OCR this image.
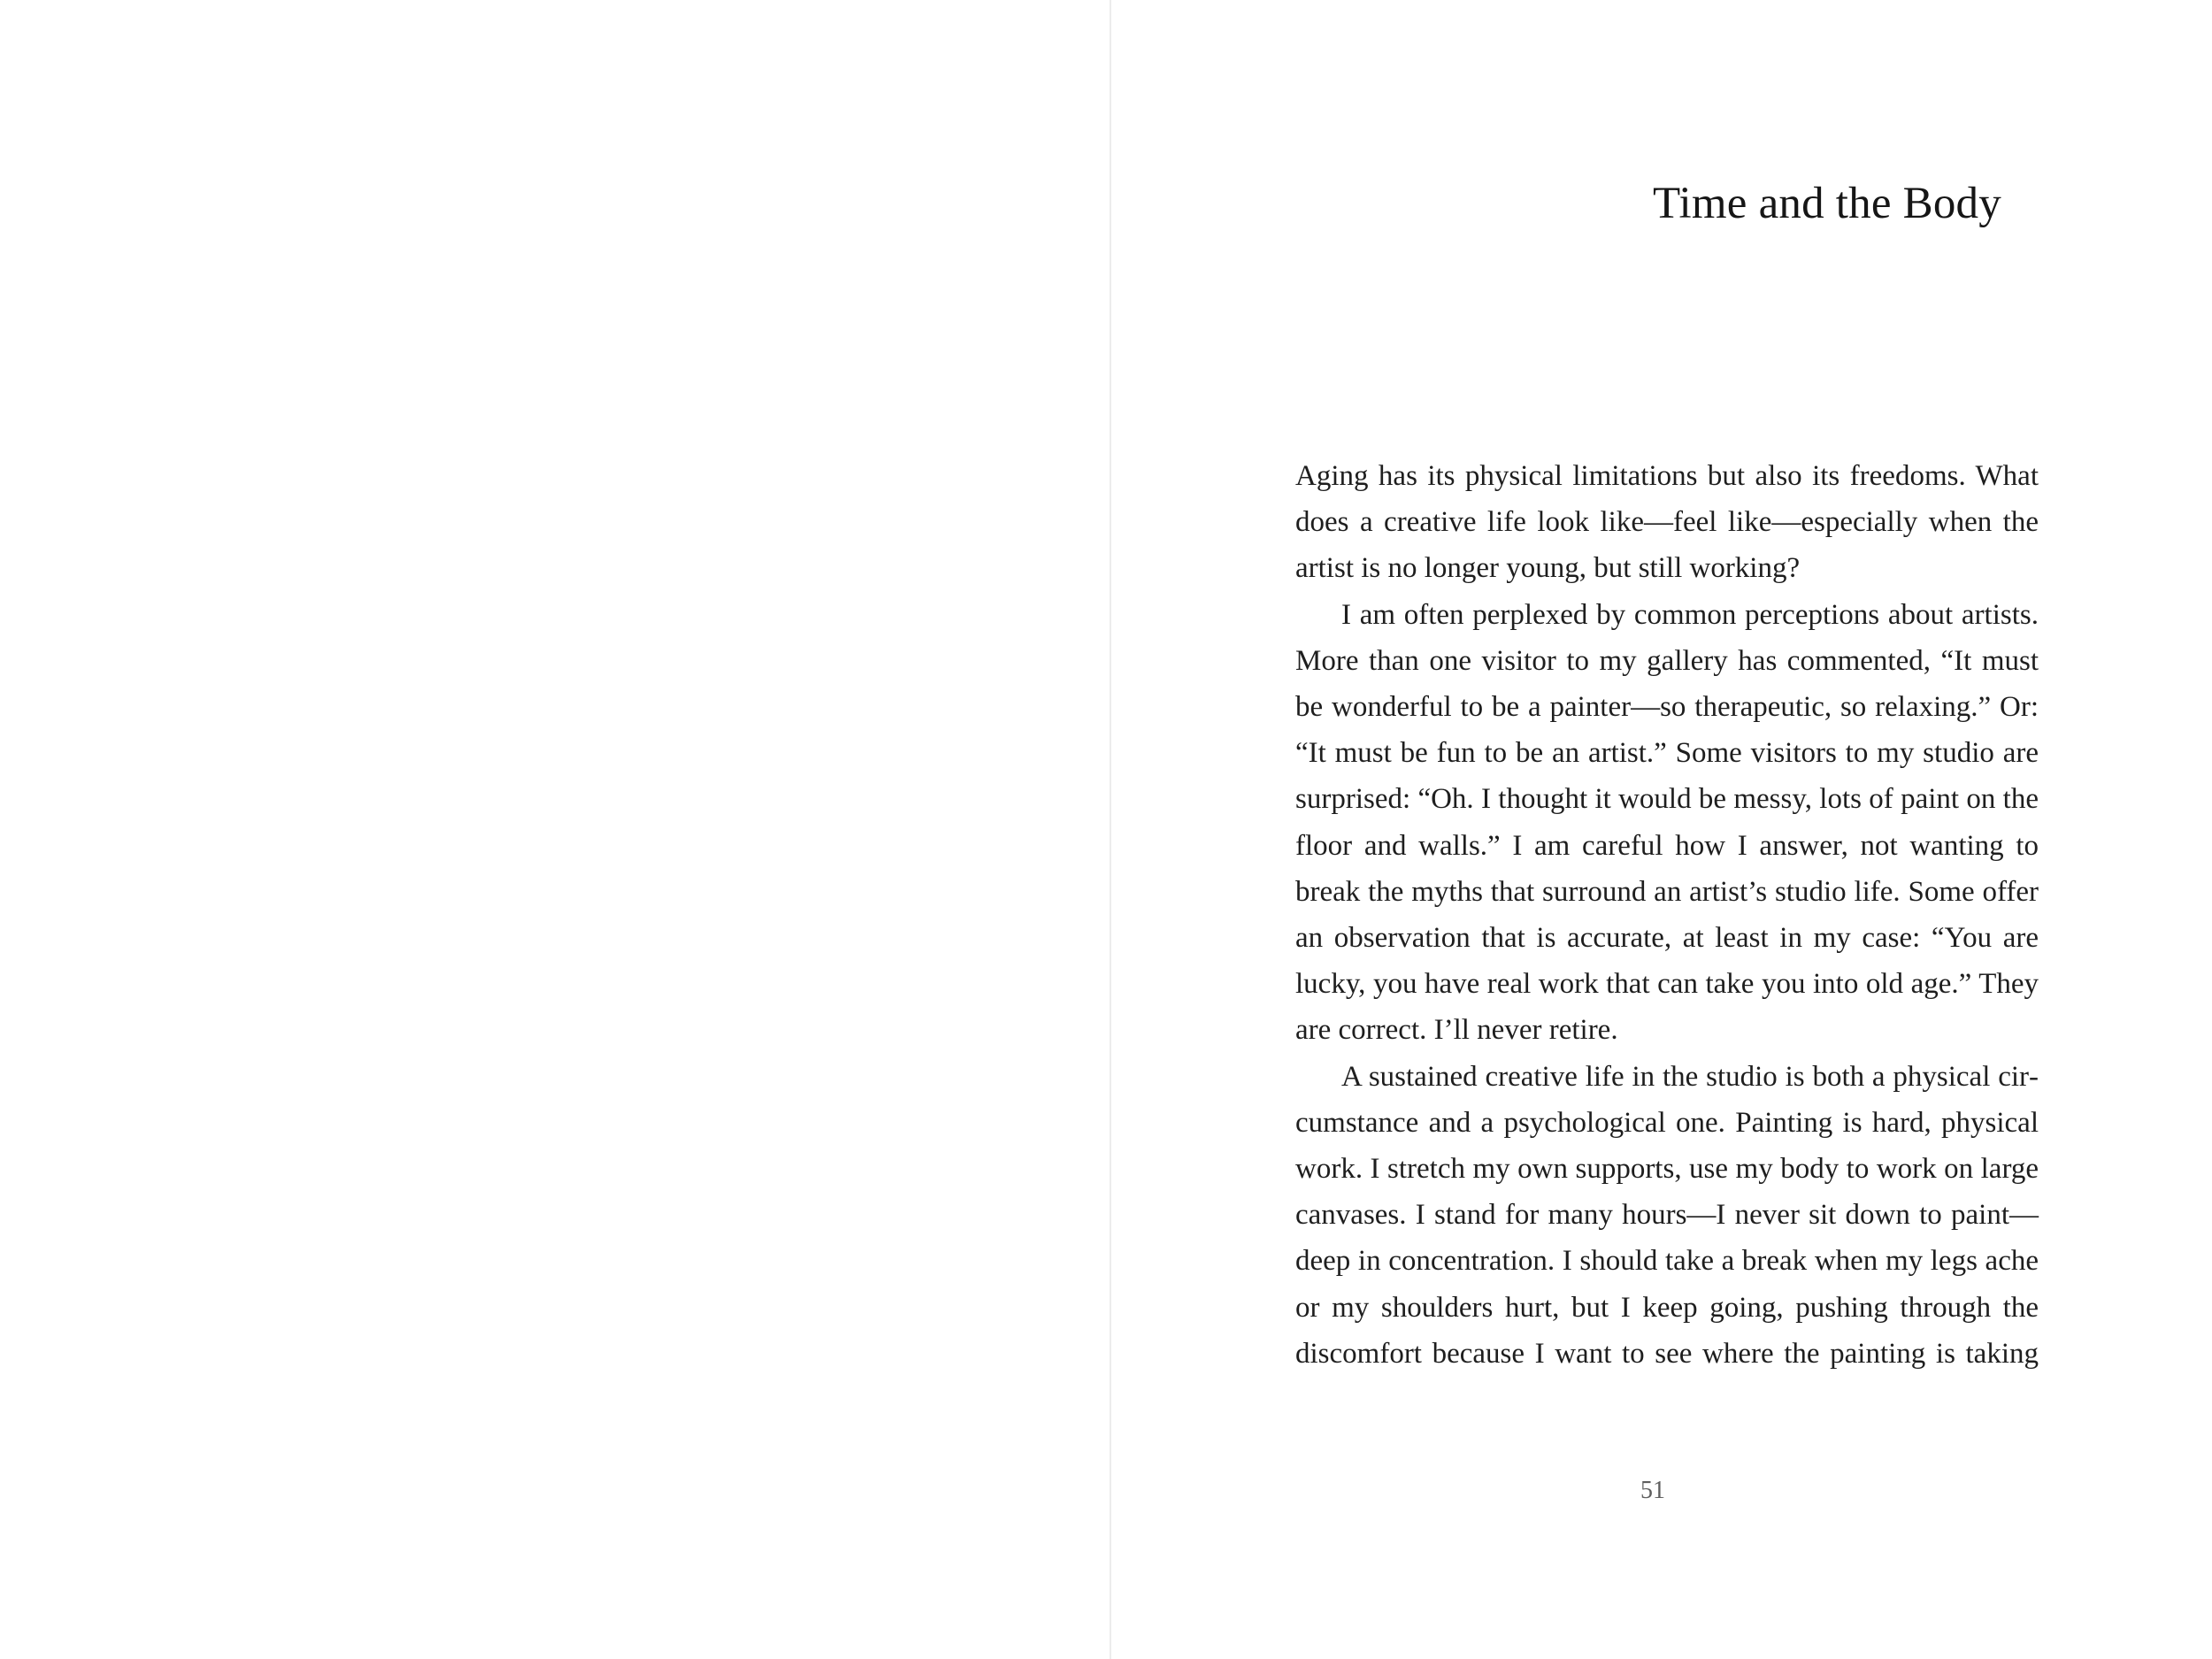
Time and the Body

Aging has its physical limitations but also its freedoms. What does a creative life look like—feel like—especially when the artist is no longer young, but still working?

I am often perplexed by common perceptions about artists. More than one visitor to my gallery has commented, “It must be wonderful to be a painter—so therapeutic, so relaxing.” Or: “It must be fun to be an artist.” Some visitors to my studio are surprised: “Oh. I thought it would be messy, lots of paint on the floor and walls.” I am careful how I answer, not wanting to break the myths that surround an artist’s studio life. Some offer an observation that is accurate, at least in my case: “You are lucky, you have real work that can take you into old age.” They are correct. I’ll never retire.

A sustained creative life in the studio is both a physical circumstance and a psychological one. Painting is hard, physical work. I stretch my own supports, use my body to work on large canvases. I stand for many hours—I never sit down to paint—deep in concentration. I should take a break when my legs ache or my shoulders hurt, but I keep going, pushing through the discomfort because I want to see where the painting is taking

51
